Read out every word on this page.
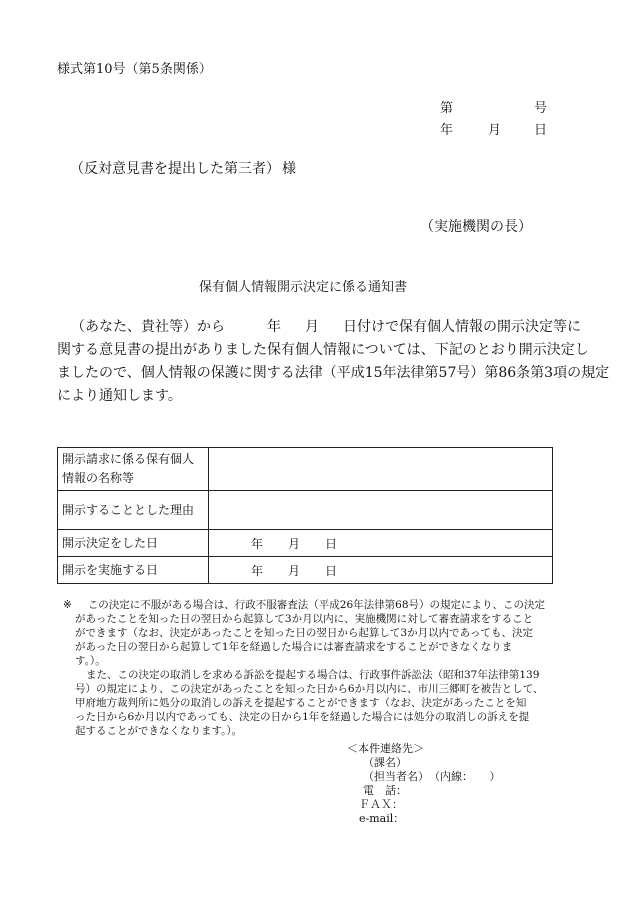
様式第10号（第5条関係）
第	号
年	月	日
（反対意見書を提出した第三者） 様
（実施機関の長）
保有個人情報開示決定に係る通知書
（あなた、貴社等）から	年 月 日付けで保有個人情報の開示決定等に
関する意見書の提出がありました保有個人情報については、下記のとおり開示決定し
ましたので、個人情報の保護に関する法律（平成15年法律第57号）第86条第3項の規定
により通知します。
開示請求に係る保有個人
情報の名称等	

開示することとした理由	
開示決定をした日	年 月 日
開示を実施する日	年 月 日
※ この決定に不服がある場合は、行政不服審査法（平成26年法律第68号）の規定により、この決定
があったことを知った日の翌日から起算して3か月以内に、実施機関に対して審査請求をすること
ができます（なお、決定があったことを知った日の翌日から起算して3か月以内であっても、決定
があった日の翌日から起算して1年を経過した場合には審査請求をすることができなくなりま
す。）。
また、この決定の取消しを求める訴訟を提起する場合は、行政事件訴訟法（昭和37年法律第139
号）の規定により、この決定があったことを知った日から6か月以内に、市川三郷町を被告として、
甲府地方裁判所に処分の取消しの訴えを提起することができます（なお、決定があったことを知
った日から6か月以内であっても、決定の日から1年を経過した場合には処分の取消しの訴えを提
起することができなくなります。）。
＜本件連絡先＞
（課名）
（担当者名）　（内線：　　）
電　話：
ＦＡＸ：
e-mail：
